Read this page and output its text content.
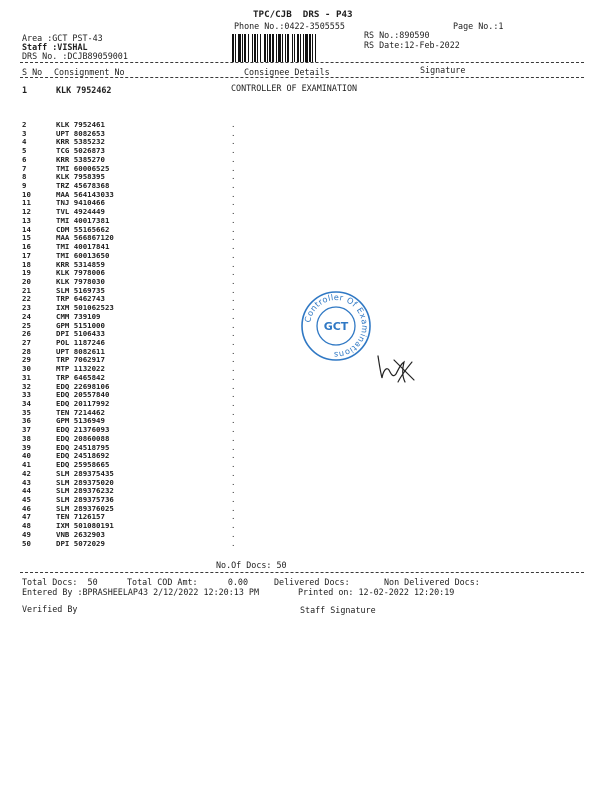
TPC/CJB  DRS - P43
Phone No.:0422-3505555	Page No.:1
Area :GCT PST-43
Staff :VISHAL
DRS No. :DCJB89059001
RS No.:890590
RS Date:12-Feb-2022
S No Consignment No	Consignee Details	Signature
1	KLK 7952462	CONTROLLER OF EXAMINATION
2	KLK 7952461	.
3	UPT 8082653	.
4	KRR 5385232	.
5	TCG 5026873	.
6	KRR 5385270	.
7	TMI 60006525	.
8	KLK 7958395	.
9	TRZ 45678368	.
10	MAA 564143033	.
11	TNJ 9410466	.
12	TVL 4924449	.
13	TMI 40017381	.
14	CDM 55165662	.
15	MAA 566867120	.
16	TMI 40017841	.
17	TMI 60013650	.
18	KRR 5314859	.
19	KLK 7978006	.
20	KLK 7978030	.
21	SLM 5169735	.
22	TRP 6462743	.
23	IXM 501062523	.
24	CMM 739109	.
25	GPM 5151000	.
26	DPI 5106433	.
27	POL 1187246	.
28	UPT 8082611	.
29	TRP 7062917	.
30	MTP 1132022	.
31	TRP 6465842	.
32	EDQ 22698106	.
33	EDQ 20557840	.
34	EDQ 20117992	.
35	TEN 7214462	.
36	GPM 5136949	.
37	EDQ 21376093	.
38	EDQ 20860088	.
39	EDQ 24518795	.
40	EDQ 24518692	.
41	EDQ 25958665	.
42	SLM 289375435	.
43	SLM 289375020	.
44	SLM 289376232	.
45	SLM 289375736	.
46	SLM 289376025	.
47	TEN 7126157	.
48	IXM 501080191	.
49	VNB 2632903	.
50	DPI 5072029	.
No.Of Docs: 50
Total Docs:  50	Total COD Amt:      0.00	Delivered Docs:	Non Delivered Docs:
Entered By :BPRASHEELAP43 2/12/2022 12:20:13 PM	Printed on: 12-02-2022 12:20:19
Verified By	Staff Signature
Controller Of Examinations
GCT
